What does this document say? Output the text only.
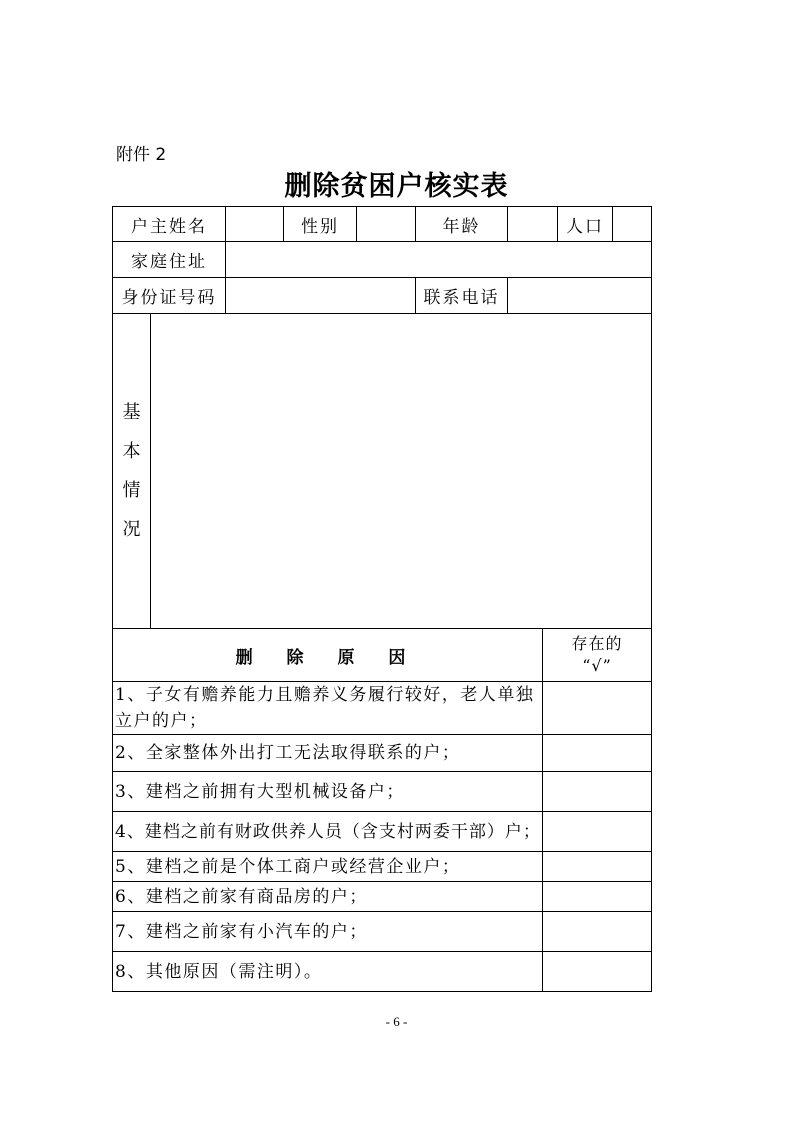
附件 2
删除贫困户核实表
户主姓名			性别		年龄			人口	
家庭住址									
身份证号码					联系电话				

基
本
情
况									

删 除 原 因							存在的
“√”		

1、子女有赡养能力且赡养义务履行较好，老人单独立户的户；									
2、全家整体外出打工无法取得联系的户；									
3、建档之前拥有大型机械设备户；									
4、建档之前有财政供养人员（含支村两委干部）户；									
5、建档之前是个体工商户或经营企业户；									
6、建档之前家有商品房的户；									
7、建档之前家有小汽车的户；									
8、其他原因（需注明）。									
- 6 -
